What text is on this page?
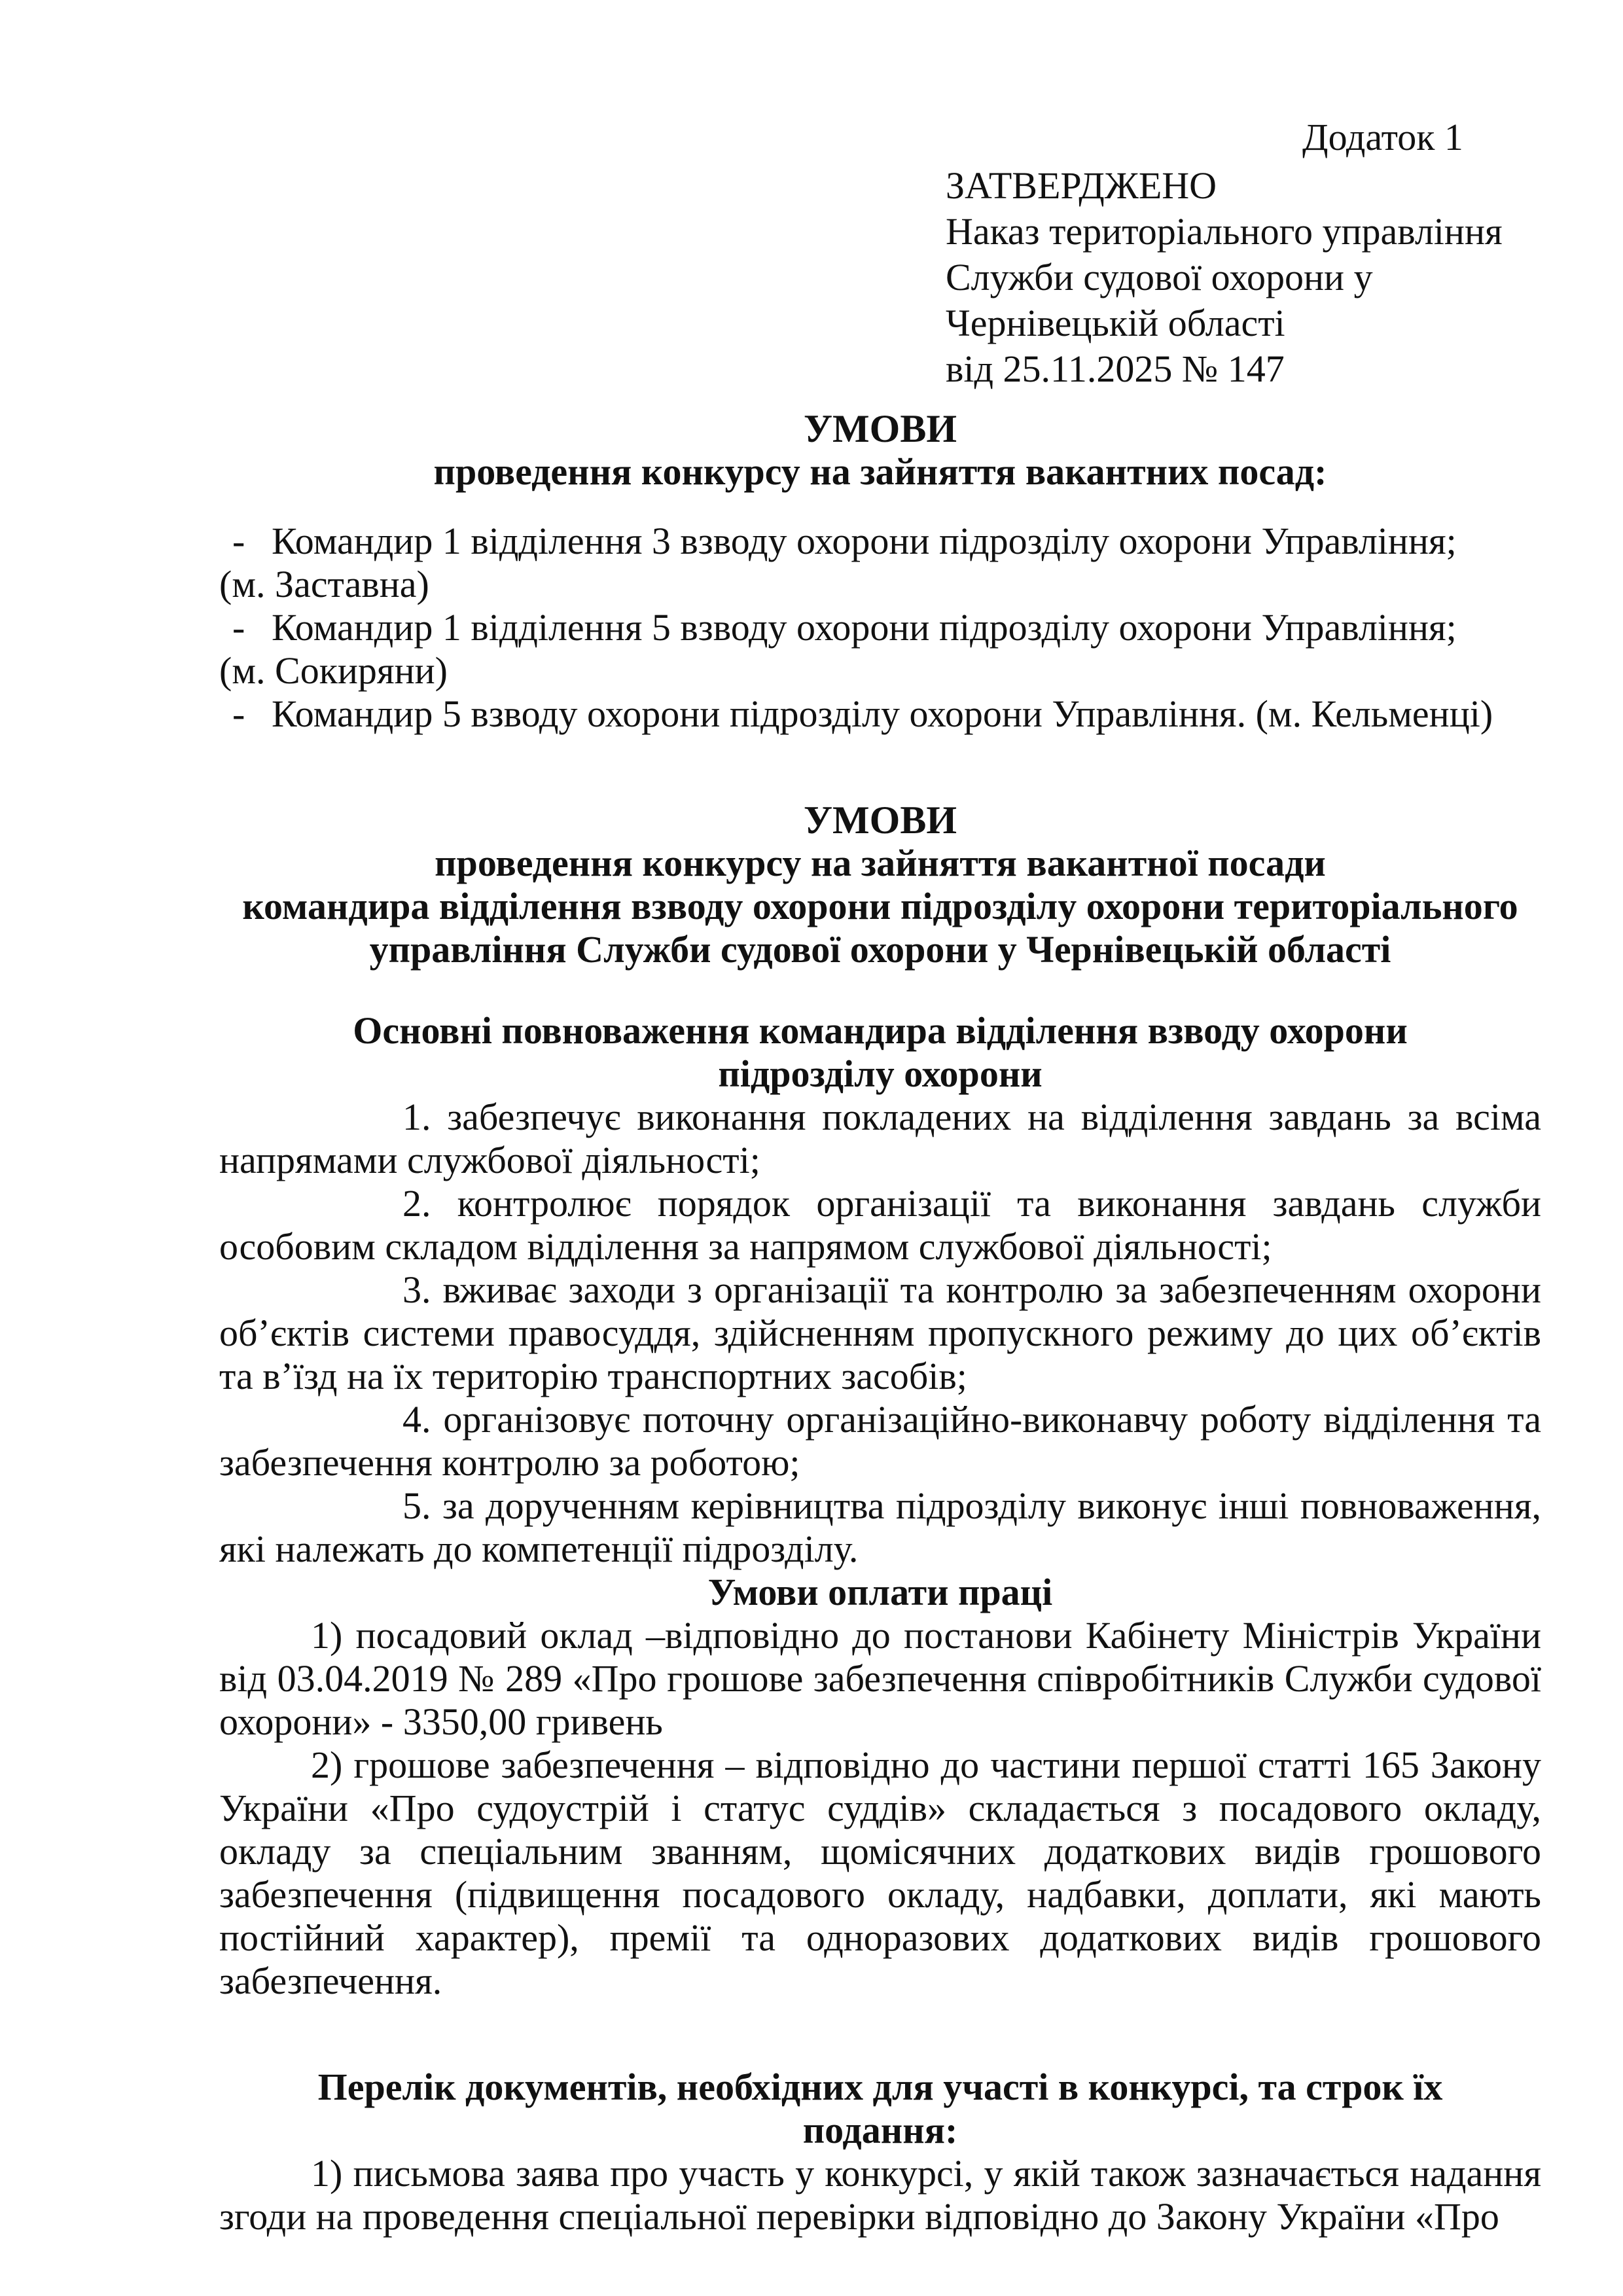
Додаток 1
ЗАТВЕРДЖЕНО
Наказ територіального управління
Служби судової охорони у
Чернівецькій області
від 25.11.2025 № 147
УМОВИ
проведення конкурсу на зайняття вакантних посад:
- Командир 1 відділення 3 взводу охорони підрозділу охорони Управління;
(м. Заставна)
- Командир 1 відділення 5 взводу охорони підрозділу охорони Управління;
(м. Сокиряни)
- Командир 5 взводу охорони підрозділу охорони Управління. (м. Кельменці)
УМОВИ
проведення конкурсу на зайняття вакантної посади
командира відділення взводу охорони підрозділу охорони територіального
управління Служби судової охорони у Чернівецькій області
Основні повноваження командира відділення взводу охорони підрозділу охорони
1. забезпечує виконання покладених на відділення завдань за всіма напрямами службової діяльності;
2. контролює порядок організації та виконання завдань служби особовим складом відділення за напрямом службової діяльності;
3. вживає заходи з організації та контролю за забезпеченням охорони об’єктів системи правосуддя, здійсненням пропускного режиму до цих об’єктів та в’їзд на їх територію транспортних засобів;
4. організовує поточну організаційно-виконавчу роботу відділення та забезпечення контролю за роботою;
5. за дорученням керівництва підрозділу виконує інші повноваження, які належать до компетенції підрозділу.
Умови оплати праці
1) посадовий оклад –відповідно до постанови Кабінету Міністрів України від 03.04.2019 № 289 «Про грошове забезпечення співробітників Служби судової охорони» - 3350,00 гривень
2) грошове забезпечення – відповідно до частини першої статті 165 Закону України «Про судоустрій і статус суддів» складається з посадового окладу, окладу за спеціальним званням, щомісячних додаткових видів грошового забезпечення (підвищення посадового окладу, надбавки, доплати, які мають постійний характер), премії та одноразових додаткових видів грошового забезпечення.
Перелік документів, необхідних для участі в конкурсі, та строк їх подання:
1) письмова заява про участь у конкурсі, у якій також зазначається надання згоди на проведення спеціальної перевірки відповідно до Закону України «Про
